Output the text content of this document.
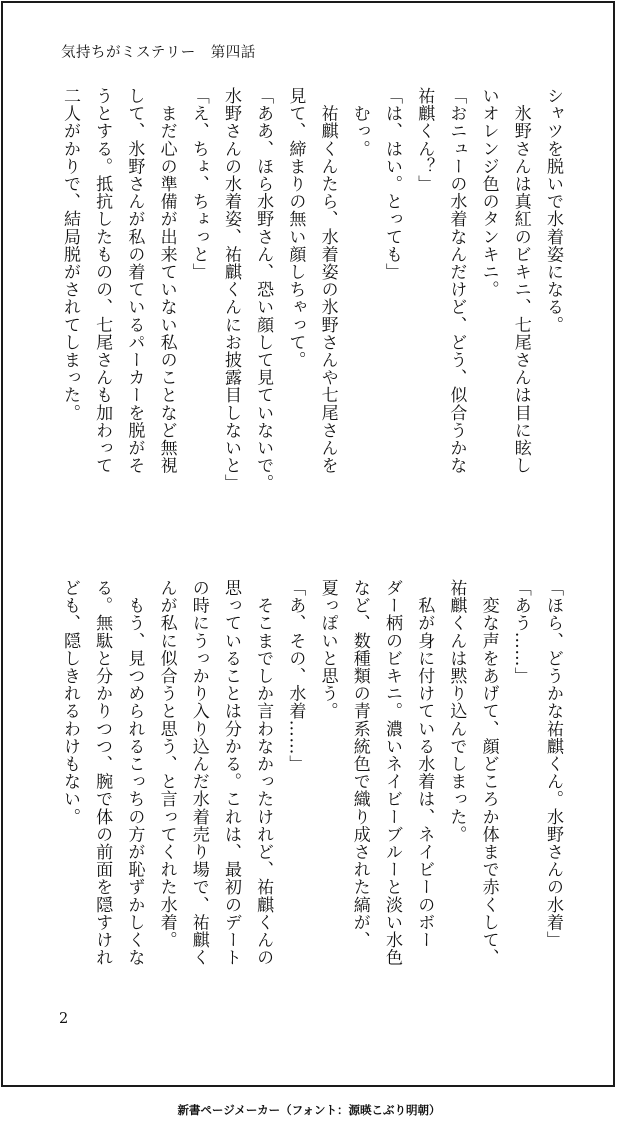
気持ちがミステリー　第四話
シャツを脱いで水着姿になる。
　氷野さんは真紅のビキニ、七尾さんは目に眩し
いオレンジ色のタンキニ。
「おニューの水着なんだけど、どう、似合うかな
祐麒くん？」
「は、はい。とっても」
　むっ。
　祐麒くんたら、水着姿の氷野さんや七尾さんを
見て、締まりの無い顔しちゃって。
「ああ、ほら水野さん、恐い顔して見ていないで。
水野さんの水着姿、祐麒くんにお披露目しないと」
「え、ちょ、ちょっと」
　まだ心の準備が出来ていない私のことなど無視
して、氷野さんが私の着ているパーカーを脱がそ
うとする。抵抗したものの、七尾さんも加わって
二人がかりで、結局脱がされてしまった。
「ほら、どうかな祐麒くん。水野さんの水着」
「あう……」
　変な声をあげて、顔どころか体まで赤くして、
祐麒くんは黙り込んでしまった。
　私が身に付けている水着は、ネイビーのボー
ダー柄のビキニ。濃いネイビーブルーと淡い水色
など、数種類の青系統色で織り成された縞が、
夏っぽいと思う。
「あ、その、水着……」
　そこまでしか言わなかったけれど、祐麒くんの
思っていることは分かる。これは、最初のデート
の時にうっかり入り込んだ水着売り場で、祐麒く
んが私に似合うと思う、と言ってくれた水着。
　もう、見つめられるこっちの方が恥ずかしくな
る。無駄と分かりつつ、腕で体の前面を隠すけれ
ども、隠しきれるわけもない。
2
新書ページメーカー（フォント：源暎こぶり明朝）
